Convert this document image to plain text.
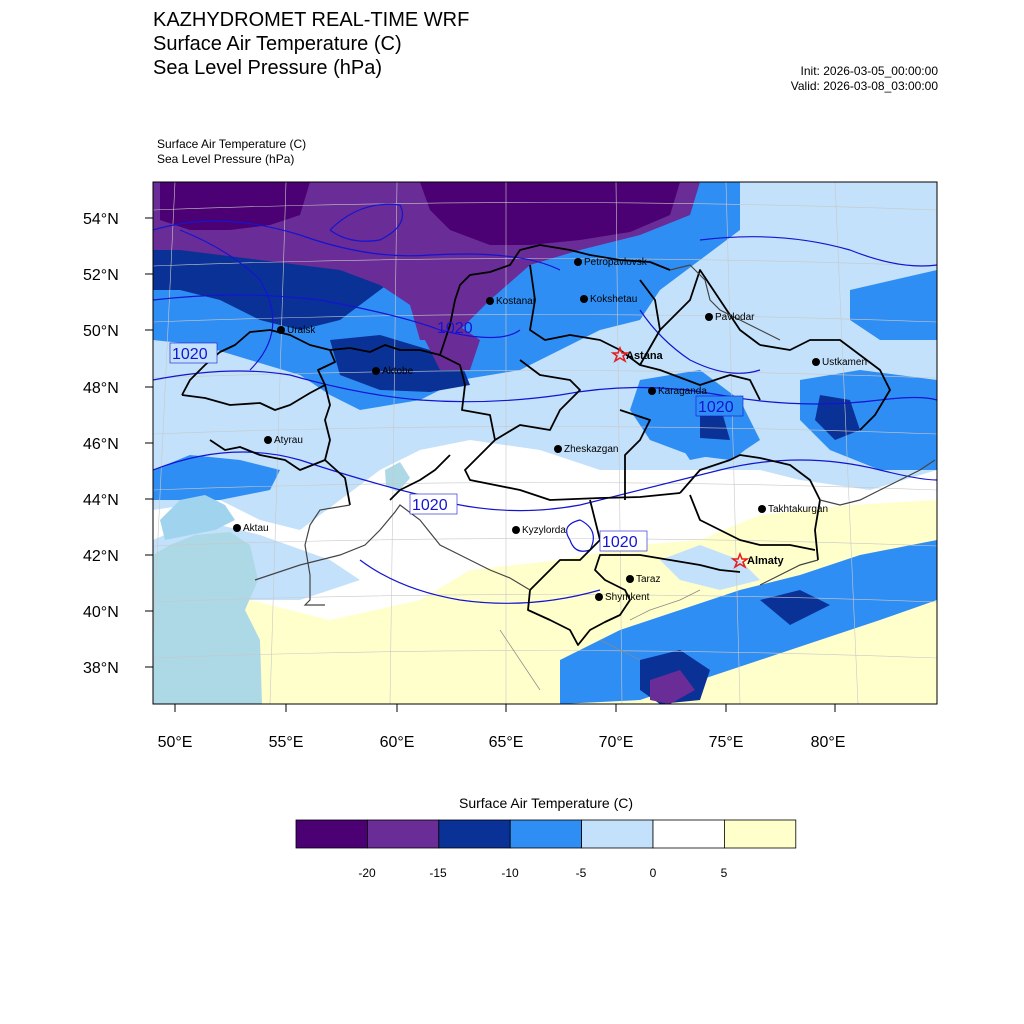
KAZHYDROMET REAL-TIME WRF
Surface Air Temperature (C)
Sea Level Pressure (hPa)	Init: 2026-03-05_00:00:00
Valid: 2026-03-08_03:00:00
Surface Air Temperature (C)
Sea Level Pressure (hPa)
54°N
52°N
50°N
48°N
46°N
44°N
42°N
40°N
38°N
50°E	55°E	60°E	65°E	70°E	75°E	80°E
1020
1020
1020
1020
1020
Petropavlovsk
Kostanai	Kokshetau
Pavlodar
Uralsk
Astana
Aktobe
Ustkamen
Karaganda
Atyrau
Zheskazgan
Takhtakurgan
Aktau	Kyzylorda
Almaty
Taraz
Shymkent
Surface Air Temperature (C)
-20	-15	-10	-5	0	5
